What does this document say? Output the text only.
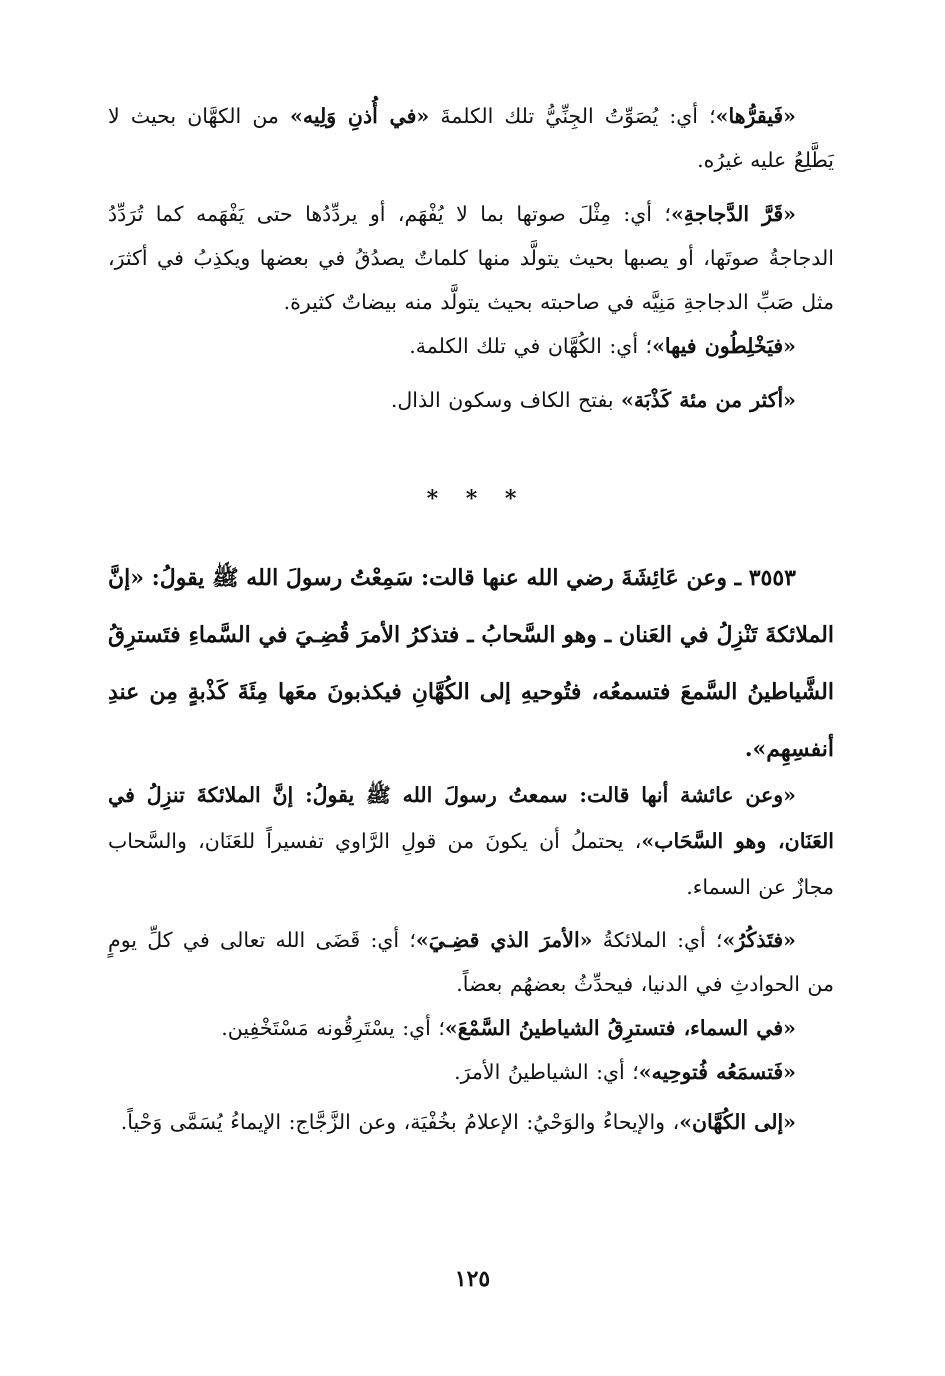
«فَيقرُّها»؛ أي: يُصَوِّتُ الجِنِّيُّ تلك الكلمةَ «في أُذنِ وَلِيه» من الكهَّان بحيث لا يَطَّلِعُ عليه غيرُه.

«قَرَّ الدَّجاجةِ»؛ أي: مِثْلَ صوتها بما لا يُفْهَم، أو يردِّدُها حتى يَفْهَمه كما تُرَدِّدُ الدجاجةُ صوتَها، أو يصبها بحيث يتولَّد منها كلماتٌ يصدُقُ في بعضها ويكذِبُ في أكثرَ، مثل صَبِّ الدجاجةِ مَنِيَّه في صاحبته بحيث يتولَّد منه بيضاتٌ كثيرة.

«فيَخْلِطُون فيها»؛ أي: الكُهَّان في تلك الكلمة.

«أكثر من مئة كَذْبَة» بفتح الكاف وسكون الذال.

* * *

٣٥٥٣ ـ وعن عَائِشَةَ رضي الله عنها قالت: سَمِعْتُ رسولَ الله ﷺ يقولُ: «إنَّ الملائكةَ تَنْزِلُ في العَنان ـ وهو السَّحابُ ـ فتذكرُ الأمرَ قُضِـيَ في السَّماءِ فتَسترِقُ الشَّياطينُ السَّمعَ فتسمعُه، فتُوحيهِ إلى الكُهَّانِ فيكذبونَ معَها مِئَةَ كَذْبةٍ مِن عندِ أنفسِهِم».

«وعن عائشة أنها قالت: سمعتُ رسولَ الله ﷺ يقولُ: إنَّ الملائكةَ تنزِلُ في العَنَان، وهو السَّحَاب»، يحتملُ أن يكونَ من قولِ الرَّاوي تفسيراً للعَنَان، والسَّحاب مجازٌ عن السماء.

«فتَذكُرُ»؛ أي: الملائكةُ «الأمرَ الذي قضِـيَ»؛ أي: قَضَى الله تعالى في كلِّ يومٍ من الحوادثِ في الدنيا، فيحدِّثُ بعضهُم بعضاً.

«في السماء، فتسترِقُ الشياطينُ السَّمْعَ»؛ أي: يسْتَرِقُونه مَسْتَخْفِين.

«فَتسمَعُه فُتوحِيه»؛ أي: الشياطينُ الأمرَ.

«إلى الكُهَّان»، والإيحاءُ والوَحْيُ: الإعلامُ بخُفْيَة، وعن الزَّجَّاج: الإيماءُ يُسَمَّى وَحْياً.

١٢٥
